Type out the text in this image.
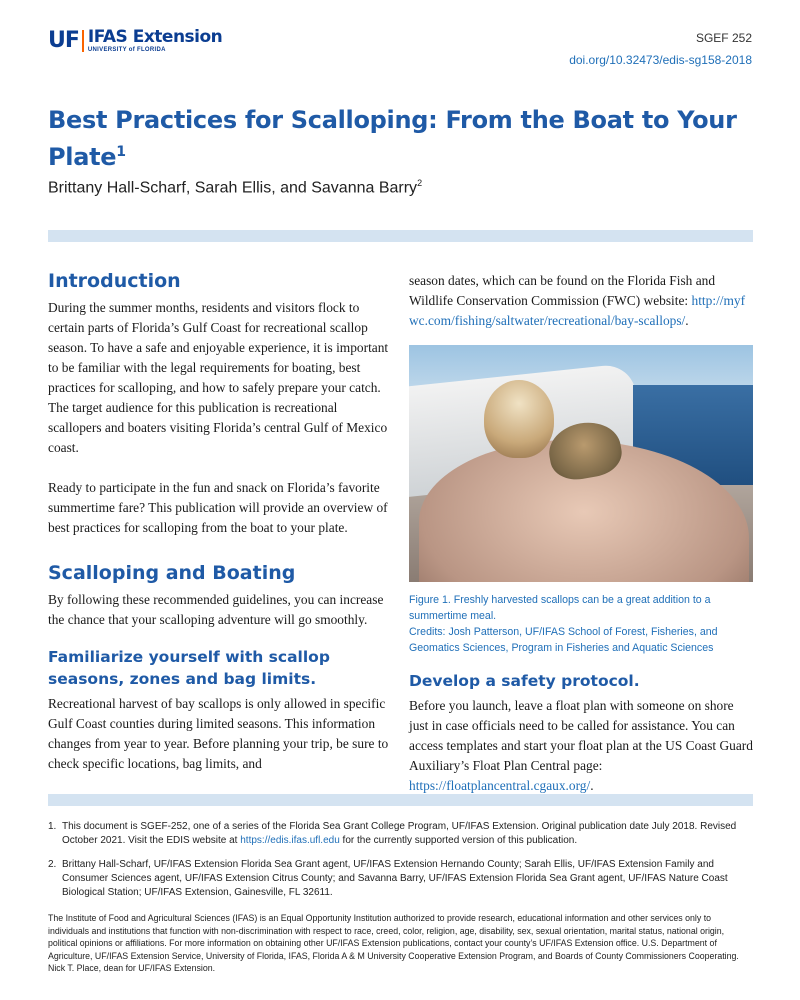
UF IFAS Extension
UNIVERSITY of FLORIDA
SGEF 252
doi.org/10.32473/edis-sg158-2018
Best Practices for Scalloping: From the Boat to Your Plate$^1$
Brittany Hall-Scharf, Sarah Ellis, and Savanna Barry$^2$
Introduction

During the summer months, residents and visitors flock to certain parts of Florida’s Gulf Coast for recreational scallop season. To have a safe and enjoyable experience, it is important to be familiar with the legal requirements for boating, best practices for scalloping, and how to safely prepare your catch. The target audience for this publication is recreational scallopers and boaters visiting Florida’s central Gulf of Mexico coast.

Ready to participate in the fun and snack on Florida’s favorite summertime fare? This publication will provide an overview of best practices for scalloping from the boat to your plate.

Scalloping and Boating

By following these recommended guidelines, you can increase the chance that your scalloping adventure will go smoothly.

Familiarize yourself with scallop seasons, zones and bag limits.

Recreational harvest of bay scallops is only allowed in specific Gulf Coast counties during limited seasons. This information changes from year to year. Before planning your trip, be sure to check specific locations, bag limits, and

season dates, which can be found on the Florida Fish and Wildlife Conservation Commission (FWC) website: http://myfwc.com/fishing/saltwater/recreational/bay-scallops/.

Figure 1. Freshly harvested scallops can be a great addition to a summertime meal.
Credits: Josh Patterson, UF/IFAS School of Forest, Fisheries, and Geomatics Sciences, Program in Fisheries and Aquatic Sciences
Develop a safety protocol.

Before you launch, leave a float plan with someone on shore just in case officials need to be called for assistance. You can access templates and start your float plan at the US Coast Guard Auxiliary’s Float Plan Central page: https://floatplancentral.cgaux.org/.

1. This document is SGEF-252, one of a series of the Florida Sea Grant College Program, UF/IFAS Extension. Original publication date July 2018. Revised October 2021. Visit the EDIS website at https://edis.ifas.ufl.edu for the currently supported version of this publication.
2. Brittany Hall-Scharf, UF/IFAS Extension Florida Sea Grant agent, UF/IFAS Extension Hernando County; Sarah Ellis, UF/IFAS Extension Family and Consumer Sciences agent, UF/IFAS Extension Citrus County; and Savanna Barry, UF/IFAS Extension Florida Sea Grant agent, UF/IFAS Nature Coast Biological Station; UF/IFAS Extension, Gainesville, FL 32611.
The Institute of Food and Agricultural Sciences (IFAS) is an Equal Opportunity Institution authorized to provide research, educational information and other services only to individuals and institutions that function with non-discrimination with respect to race, creed, color, religion, age, disability, sex, sexual orientation, marital status, national origin, political opinions or affiliations. For more information on obtaining other UF/IFAS Extension publications, contact your county’s UF/IFAS Extension office. U.S. Department of Agriculture, UF/IFAS Extension Service, University of Florida, IFAS, Florida A & M University Cooperative Extension Program, and Boards of County Commissioners Cooperating. Nick T. Place, dean for UF/IFAS Extension.
